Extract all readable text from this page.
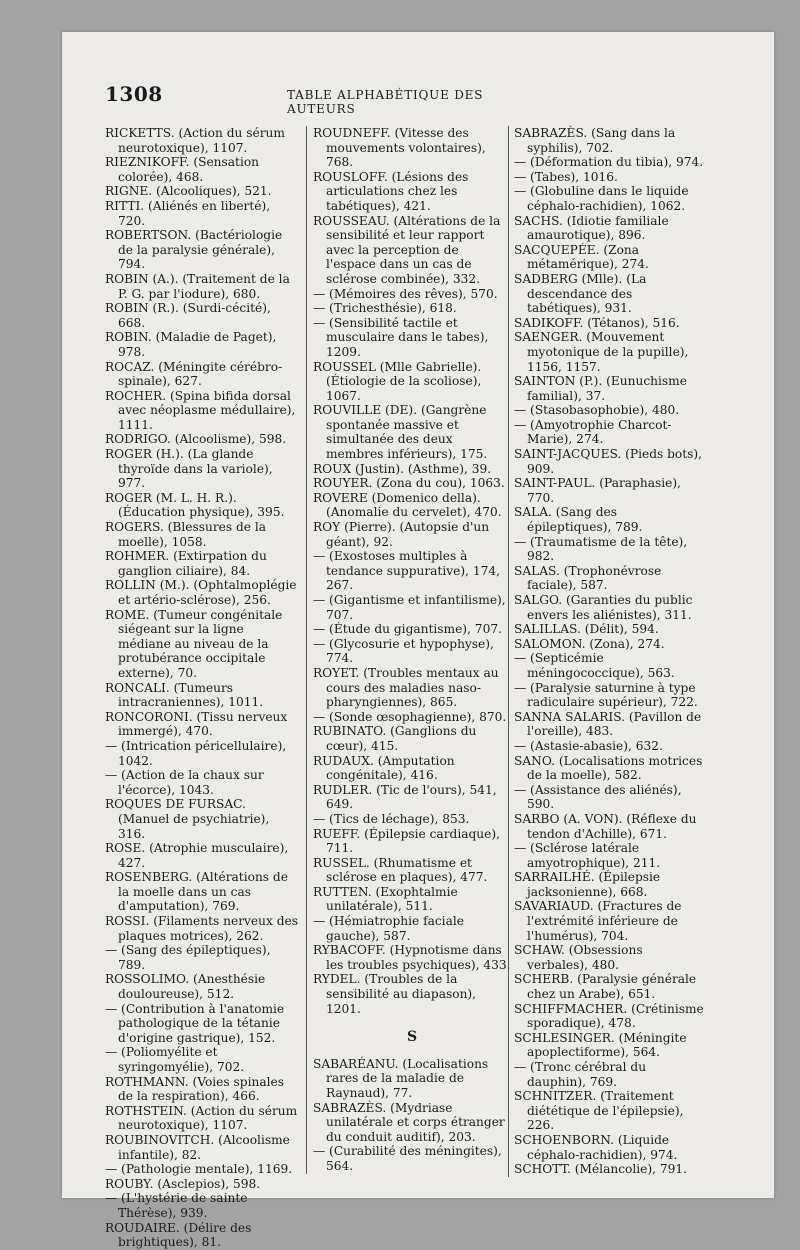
1308	TABLE ALPHABÉTIQUE DES AUTEURS

RICKETTS. (Action du sérum neurotoxique), 1107.

RIEZNIKOFF. (Sensation colorée), 468.

RIGNE. (Alcooliques), 521.

RITTI. (Aliénés en liberté), 720.

ROBERTSON. (Bactériologie de la paralysie générale), 794.

ROBIN (A.). (Traitement de la P. G. par l'iodure), 680.

ROBIN (R.). (Surdi-cécité), 668.

ROBIN. (Maladie de Paget), 978.

ROCAZ. (Méningite cérébro-spinale), 627.

ROCHER. (Spina bifida dorsal avec néoplasme médullaire), 1111.

RODRIGO. (Alcoolisme), 598.

ROGER (H.). (La glande thyroïde dans la variole), 977.

ROGER (M. L. H. R.). (Éducation physique), 395.

ROGERS. (Blessures de la moelle), 1058.

ROHMER. (Extirpation du ganglion ciliaire), 84.

ROLLIN (M.). (Ophtalmoplégie et artério-sclérose), 256.

ROME. (Tumeur congénitale siégeant sur la ligne médiane au niveau de la protubérance occipitale externe), 70.

RONCALI. (Tumeurs intracraniennes), 1011.

RONCORONI. (Tissu nerveux immergé), 470.

— (Intrication péricellulaire), 1042.

— (Action de la chaux sur l'écorce), 1043.

ROQUES DE FURSAC. (Manuel de psychiatrie), 316.

ROSE. (Atrophie musculaire), 427.

ROSENBERG. (Altérations de la moelle dans un cas d'amputation), 769.

ROSSI. (Filaments nerveux des plaques motrices), 262.

— (Sang des épileptiques), 789.

ROSSOLIMO. (Anesthésie douloureuse), 512.

— (Contribution à l'anatomie pathologique de la tétanie d'origine gastrique), 152.

— (Poliomyélite et syringomyélie), 702.

ROTHMANN. (Voies spinales de la respiration), 466.

ROTHSTEIN. (Action du sérum neurotoxique), 1107.

ROUBINOVITCH. (Alcoolisme infantile), 82.

— (Pathologie mentale), 1169.

ROUBY. (Asclepios), 598.

— (L'hystérie de sainte Thérèse), 939.

ROUDAIRE. (Délire des brightiques), 81.

ROUDNEFF. (Vitesse des mouvements volontaires), 768.

ROUSLOFF. (Lésions des articulations chez les tabétiques), 421.

ROUSSEAU. (Altérations de la sensibilité et leur rapport avec la perception de l'espace dans un cas de sclérose combinée), 332.

— (Mémoires des rêves), 570.

— (Trichesthésie), 618.

— (Sensibilité tactile et musculaire dans le tabes), 1209.

ROUSSEL (Mlle Gabrielle). (Étiologie de la scoliose), 1067.

ROUVILLE (DE). (Gangrène spontanée massive et simultanée des deux membres inférieurs), 175.

ROUX (Justin). (Asthme), 39.

ROUYER. (Zona du cou), 1063.

ROVERE (Domenico della). (Anomalie du cervelet), 470.

ROY (Pierre). (Autopsie d'un géant), 92.

— (Exostoses multiples à tendance suppurative), 174, 267.

— (Gigantisme et infantilisme), 707.

— (Étude du gigantisme), 707.

— (Glycosurie et hypophyse), 774.

ROYET. (Troubles mentaux au cours des maladies naso-pharyngiennes), 865.

— (Sonde œsophagienne), 870.

RUBINATO. (Ganglions du cœur), 415.

RUDAUX. (Amputation congénitale), 416.

RUDLER. (Tic de l'ours), 541, 649.

— (Tics de léchage), 853.

RUEFF. (Épilepsie cardiaque), 711.

RUSSEL. (Rhumatisme et sclérose en plaques), 477.

RUTTEN. (Exophtalmie unilatérale), 511.

— (Hémiatrophie faciale gauche), 587.

RYBACOFF. (Hypnotisme dans les troubles psychiques), 433.

RYDEL. (Troubles de la sensibilité au diapason), 1201.

S

SABARÉANU. (Localisations rares de la maladie de Raynaud), 77.

SABRAZÈS. (Mydriase unilatérale et corps étranger du conduit auditif), 203.

— (Curabilité des méningites), 564.

SABRAZÈS. (Sang dans la syphilis), 702.

— (Déformation du tibia), 974.

— (Tabes), 1016.

— (Globuline dans le liquide céphalo-rachidien), 1062.

SACHS. (Idiotie familiale amaurotique), 896.

SACQUEPÉE. (Zona métamérique), 274.

SADBERG (Mlle). (La descendance des tabétiques), 931.

SADIKOFF. (Tétanos), 516.

SAENGER. (Mouvement myotonique de la pupille), 1156, 1157.

SAINTON (P.). (Eunuchisme familial), 37.

— (Stasobasophobie), 480.

— (Amyotrophie Charcot-Marie), 274.

SAINT-JACQUES. (Pieds bots), 909.

SAINT-PAUL. (Paraphasie), 770.

SALA. (Sang des épileptiques), 789.

— (Traumatisme de la tête), 982.

SALAS. (Trophonévrose faciale), 587.

SALGO. (Garanties du public envers les aliénistes), 311.

SALILLAS. (Délit), 594.

SALOMON. (Zona), 274.

— (Septicémie méningococcique), 563.

— (Paralysie saturnine à type radiculaire supérieur), 722.

SANNA SALARIS. (Pavillon de l'oreille), 483.

— (Astasie-abasie), 632.

SANO. (Localisations motrices de la moelle), 582.

— (Assistance des aliénés), 590.

SARBO (A. VON). (Réflexe du tendon d'Achille), 671.

— (Sclérose latérale amyotrophique), 211.

SARRAILHÉ. (Épilepsie jacksonienne), 668.

SAVARIAUD. (Fractures de l'extrémité inférieure de l'humérus), 704.

SCHAW. (Obsessions verbales), 480.

SCHERB. (Paralysie générale chez un Arabe), 651.

SCHIFFMACHER. (Crétinisme sporadique), 478.

SCHLESINGER. (Méningite apoplectiforme), 564.

— (Tronc cérébral du dauphin), 769.

SCHNITZER. (Traitement diététique de l'épilepsie), 226.

SCHOENBORN. (Liquide céphalo-rachidien), 974.

SCHOTT. (Mélancolie), 791.
